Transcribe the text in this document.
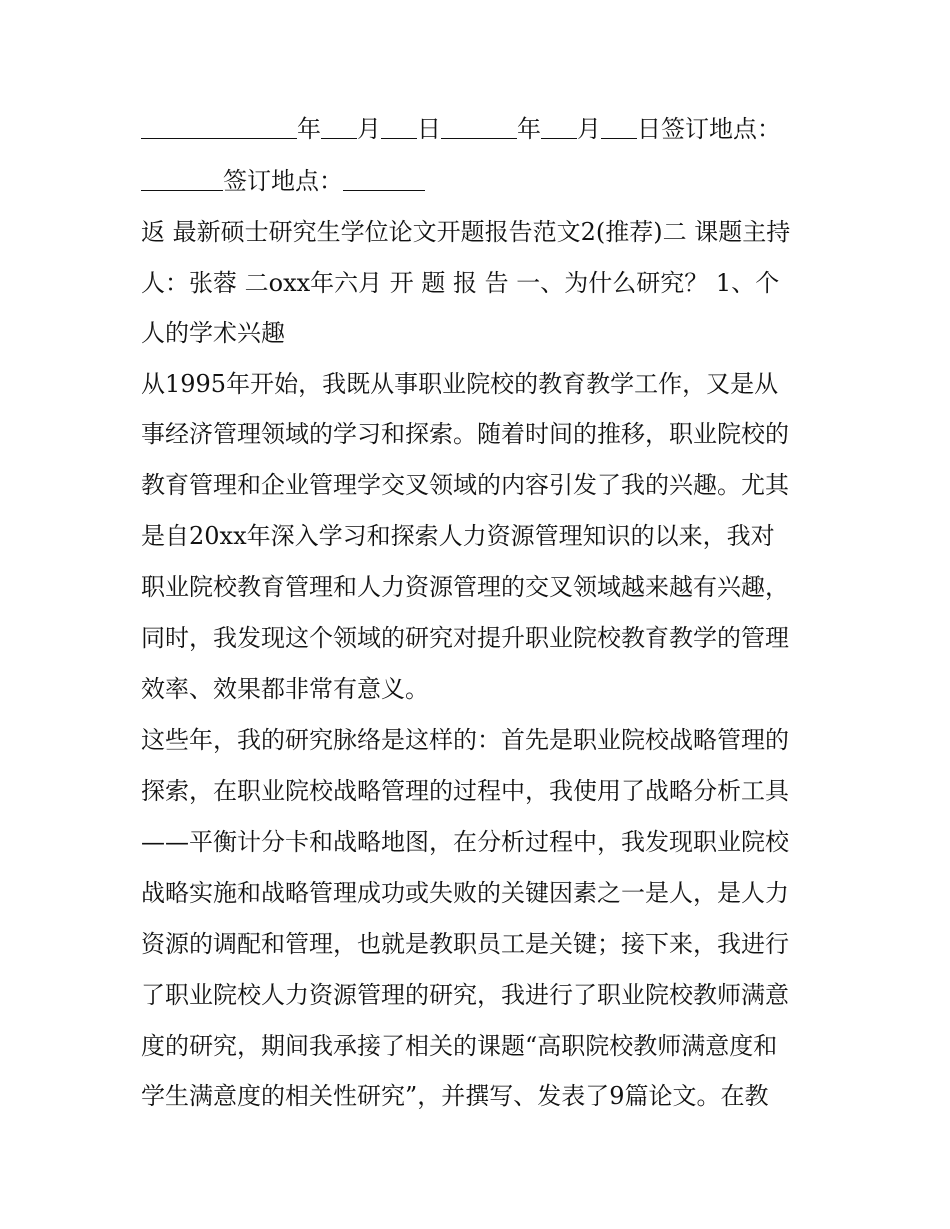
年 月 日	年 月 日签订地点：
签订地点：
返 最新硕士研究生学位论文开题报告范文2(推荐)二 课题主持
人：张蓉 二oxx年六月 开 题 报 告 一、为什么研究？ 1、个
人的学术兴趣
从1995年开始，我既从事职业院校的教育教学工作，又是从
事经济管理领域的学习和探索。随着时间的推移，职业院校的
教育管理和企业管理学交叉领域的内容引发了我的兴趣。尤其
是自20xx年深入学习和探索人力资源管理知识的以来，我对
职业院校教育管理和人力资源管理的交叉领域越来越有兴趣，
同时，我发现这个领域的研究对提升职业院校教育教学的管理
效率、效果都非常有意义。
这些年，我的研究脉络是这样的：首先是职业院校战略管理的
探索，在职业院校战略管理的过程中，我使用了战略分析工具
——平衡计分卡和战略地图，在分析过程中，我发现职业院校
战略实施和战略管理成功或失败的关键因素之一是人，是人力
资源的调配和管理，也就是教职员工是关键；接下来，我进行
了职业院校人力资源管理的研究，我进行了职业院校教师满意
度的研究，期间我承接了相关的课题“高职院校教师满意度和
学生满意度的相关性研究”，并撰写、发表了9篇论文。在教
